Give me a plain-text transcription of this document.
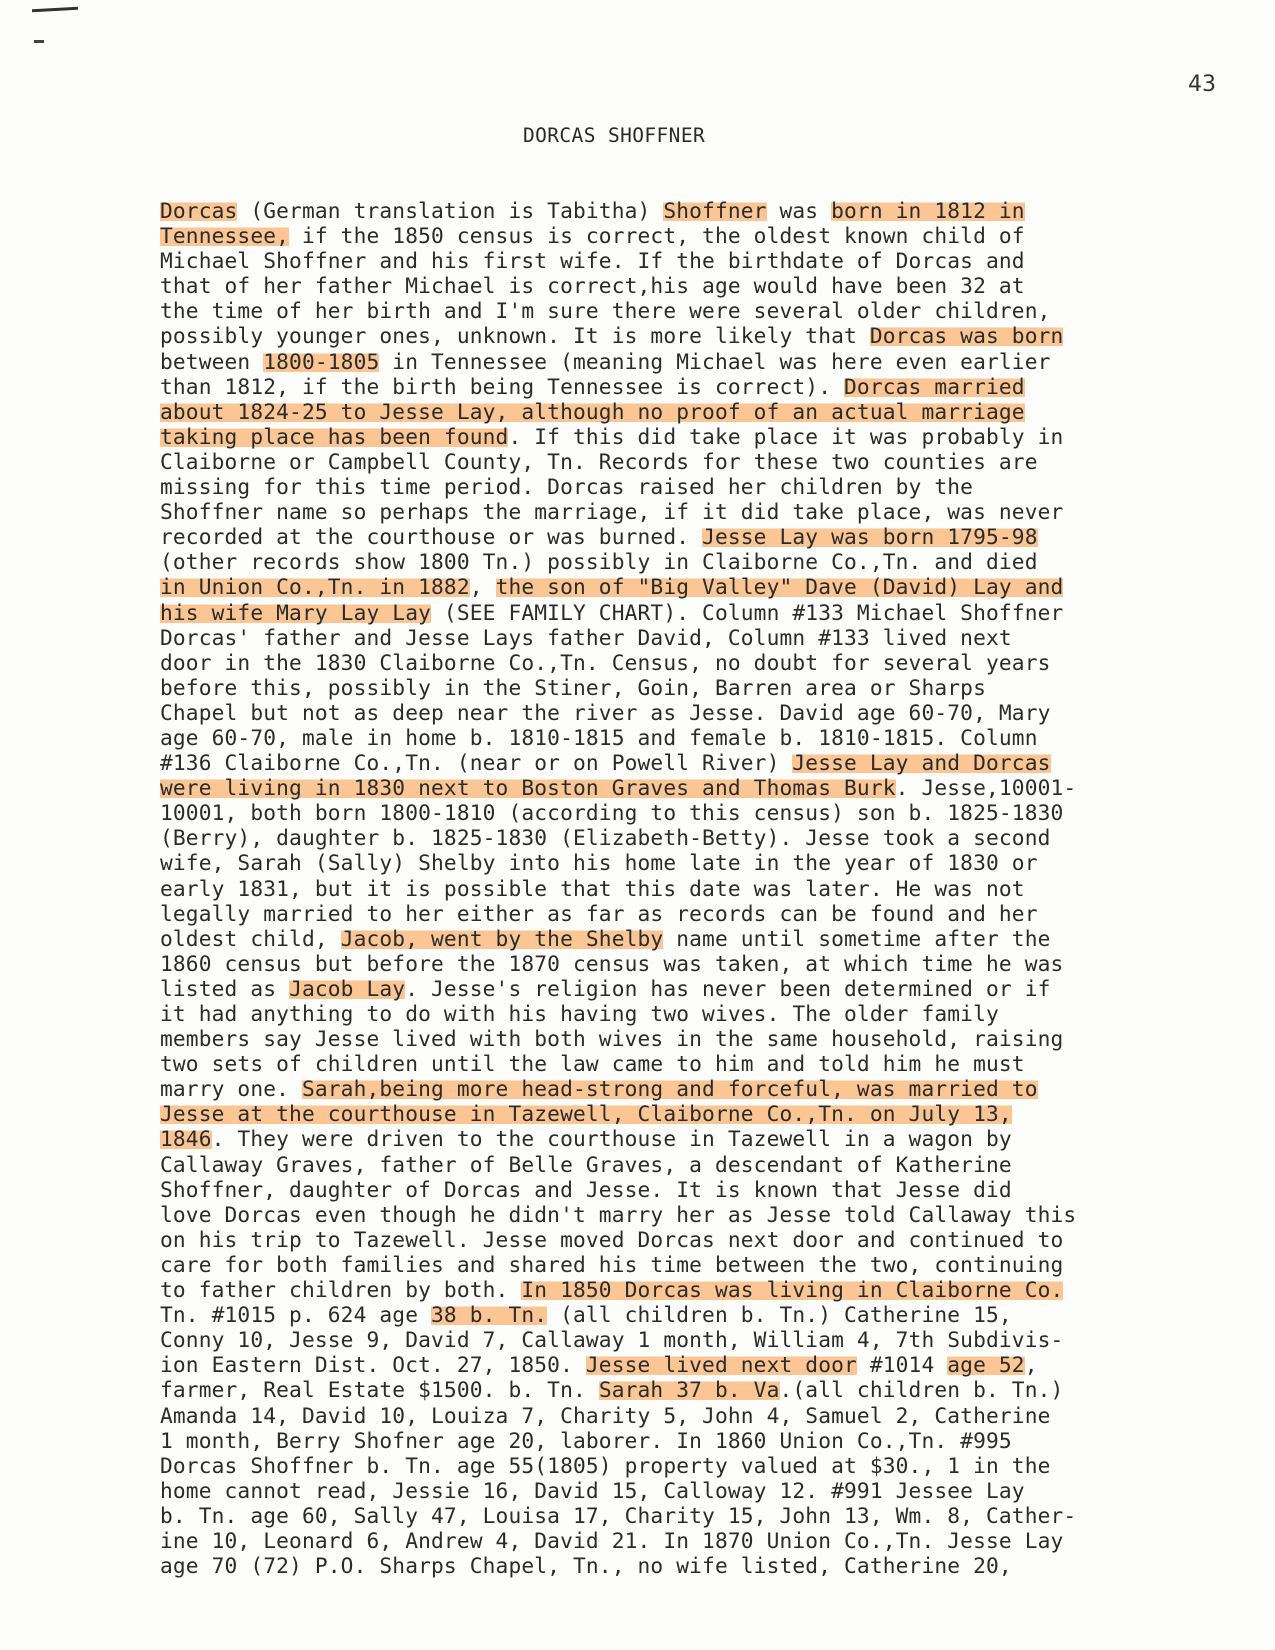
43
DORCAS SHOFFNER
Dorcas (German translation is Tabitha) Shoffner was born in 1812 in
Tennessee, if the 1850 census is correct, the oldest known child of
Michael Shoffner and his first wife. If the birthdate of Dorcas and
that of her father Michael is correct,his age would have been 32 at
the time of her birth and I'm sure there were several older children,
possibly younger ones, unknown. It is more likely that Dorcas was born
between 1800-1805 in Tennessee (meaning Michael was here even earlier
than 1812, if the birth being Tennessee is correct). Dorcas married
about 1824-25 to Jesse Lay, although no proof of an actual marriage
taking place has been found. If this did take place it was probably in
Claiborne or Campbell County, Tn. Records for these two counties are
missing for this time period. Dorcas raised her children by the
Shoffner name so perhaps the marriage, if it did take place, was never
recorded at the courthouse or was burned. Jesse Lay was born 1795-98
(other records show 1800 Tn.) possibly in Claiborne Co.,Tn. and died
in Union Co.,Tn. in 1882, the son of "Big Valley" Dave (David) Lay and
his wife Mary Lay Lay (SEE FAMILY CHART). Column #133 Michael Shoffner
Dorcas' father and Jesse Lays father David, Column #133 lived next
door in the 1830 Claiborne Co.,Tn. Census, no doubt for several years
before this, possibly in the Stiner, Goin, Barren area or Sharps
Chapel but not as deep near the river as Jesse. David age 60-70, Mary
age 60-70, male in home b. 1810-1815 and female b. 1810-1815. Column
#136 Claiborne Co.,Tn. (near or on Powell River) Jesse Lay and Dorcas
were living in 1830 next to Boston Graves and Thomas Burk. Jesse,10001-
10001, both born 1800-1810 (according to this census) son b. 1825-1830
(Berry), daughter b. 1825-1830 (Elizabeth-Betty). Jesse took a second
wife, Sarah (Sally) Shelby into his home late in the year of 1830 or
early 1831, but it is possible that this date was later. He was not
legally married to her either as far as records can be found and her
oldest child, Jacob, went by the Shelby name until sometime after the
1860 census but before the 1870 census was taken, at which time he was
listed as Jacob Lay. Jesse's religion has never been determined or if
it had anything to do with his having two wives. The older family
members say Jesse lived with both wives in the same household, raising
two sets of children until the law came to him and told him he must
marry one. Sarah,being more head-strong and forceful, was married to
Jesse at the courthouse in Tazewell, Claiborne Co.,Tn. on July 13,
1846. They were driven to the courthouse in Tazewell in a wagon by
Callaway Graves, father of Belle Graves, a descendant of Katherine
Shoffner, daughter of Dorcas and Jesse. It is known that Jesse did
love Dorcas even though he didn't marry her as Jesse told Callaway this
on his trip to Tazewell. Jesse moved Dorcas next door and continued to
care for both families and shared his time between the two, continuing
to father children by both. In 1850 Dorcas was living in Claiborne Co.
Tn. #1015 p. 624 age 38 b. Tn. (all children b. Tn.) Catherine 15,
Conny 10, Jesse 9, David 7, Callaway 1 month, William 4, 7th Subdivis-
ion Eastern Dist. Oct. 27, 1850. Jesse lived next door #1014 age 52,
farmer, Real Estate $1500. b. Tn. Sarah 37 b. Va.(all children b. Tn.)
Amanda 14, David 10, Louiza 7, Charity 5, John 4, Samuel 2, Catherine
1 month, Berry Shofner age 20, laborer. In 1860 Union Co.,Tn. #995
Dorcas Shoffner b. Tn. age 55(1805) property valued at $30., 1 in the
home cannot read, Jessie 16, David 15, Calloway 12. #991 Jessee Lay
b. Tn. age 60, Sally 47, Louisa 17, Charity 15, John 13, Wm. 8, Cather-
ine 10, Leonard 6, Andrew 4, David 21. In 1870 Union Co.,Tn. Jesse Lay
age 70 (72) P.O. Sharps Chapel, Tn., no wife listed, Catherine 20,
